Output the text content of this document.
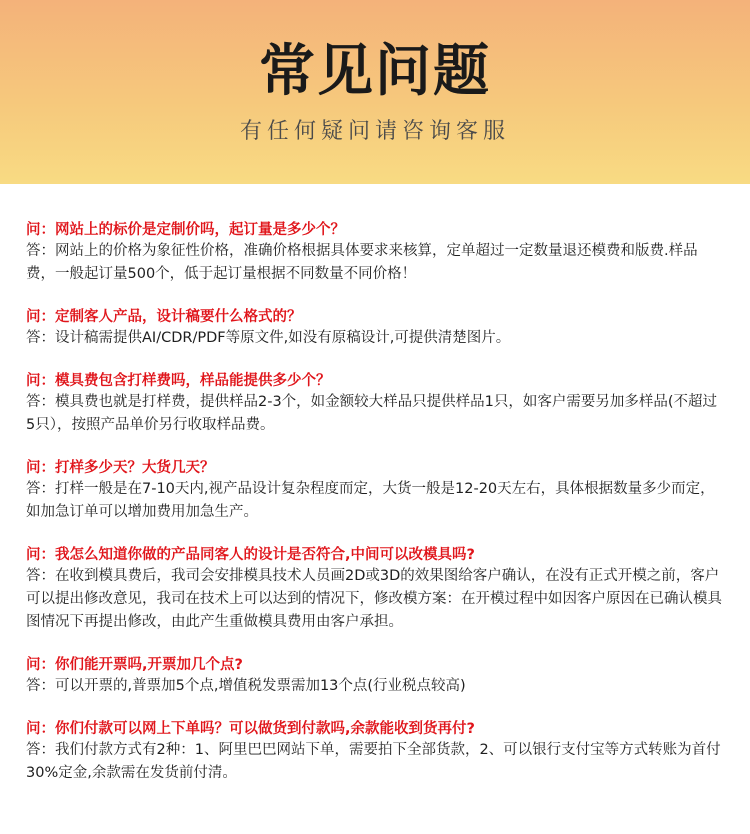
常见问题
有任何疑问请咨询客服
问：网站上的标价是定制价吗，起订量是多少个？
答：网站上的价格为象征性价格，准确价格根据具体要求来核算，定单超过一定数量退还模费和版费.样品费，一般起订量500个，低于起订量根据不同数量不同价格！
问：定制客人产品，设计稿要什么格式的？
答：设计稿需提供AI/CDR/PDF等原文件,如没有原稿设计,可提供清楚图片。
问：模具费包含打样费吗，样品能提供多少个？
答：模具费也就是打样费，提供样品2-3个，如金额较大样品只提供样品1只，如客户需要另加多样品(不超过5只），按照产品单价另行收取样品费。
问：打样多少天？大货几天？
答：打样一般是在7-10天内,视产品设计复杂程度而定，大货一般是12-20天左右，具体根据数量多少而定，如加急订单可以增加费用加急生产。
问：我怎么知道你做的产品同客人的设计是否符合,中间可以改模具吗?
答：在收到模具费后，我司会安排模具技术人员画2D或3D的效果图给客户确认，在没有正式开模之前，客户可以提出修改意见，我司在技术上可以达到的情况下，修改模方案：在开模过程中如因客户原因在已确认模具图情况下再提出修改，由此产生重做模具费用由客户承担。
问：你们能开票吗,开票加几个点?
答：可以开票的,普票加5个点,增值税发票需加13个点(行业税点较高)
问：你们付款可以网上下单吗？可以做货到付款吗,余款能收到货再付?
答：我们付款方式有2种：1、阿里巴巴网站下单，需要拍下全部货款，2、可以银行支付宝等方式转账为首付30%定金,余款需在发货前付清。
